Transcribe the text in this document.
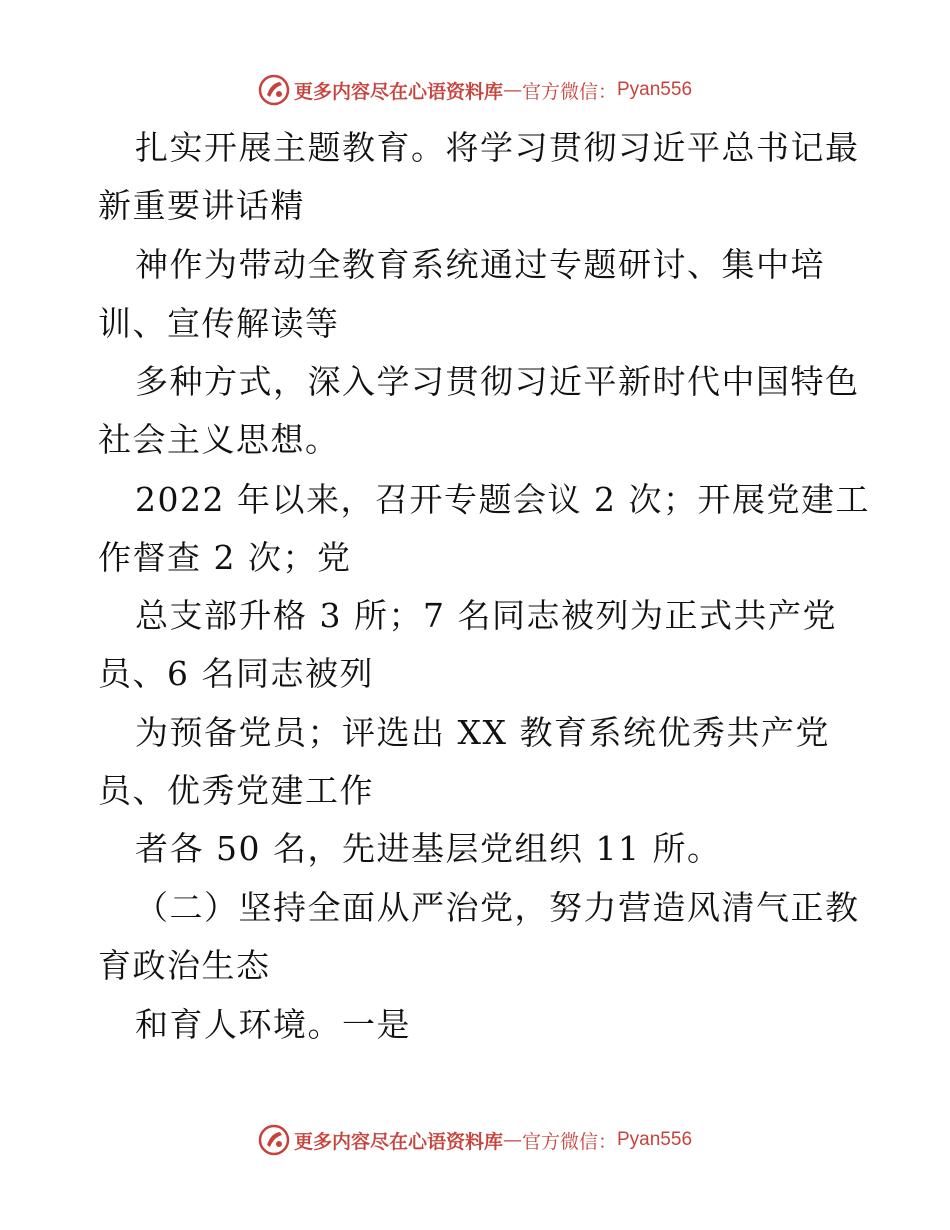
更多内容尽在心语资料库 — 官方微信： Pyan556
扎实开展主题教育。将学习贯彻习近平总书记最
新重要讲话精
神作为带动全教育系统通过专题研讨、集中培
训、宣传解读等
多种方式，深入学习贯彻习近平新时代中国特色
社会主义思想。
2022 年以来，召开专题会议 2 次；开展党建工
作督查 2 次；党
总支部升格 3 所；7 名同志被列为正式共产党
员、6 名同志被列
为预备党员；评选出 XX 教育系统优秀共产党
员、优秀党建工作
者各 50 名，先进基层党组织 11 所。
（二）坚持全面从严治党，努力营造风清气正教
育政治生态
和育人环境。一是
更多内容尽在心语资料库 — 官方微信： Pyan556
